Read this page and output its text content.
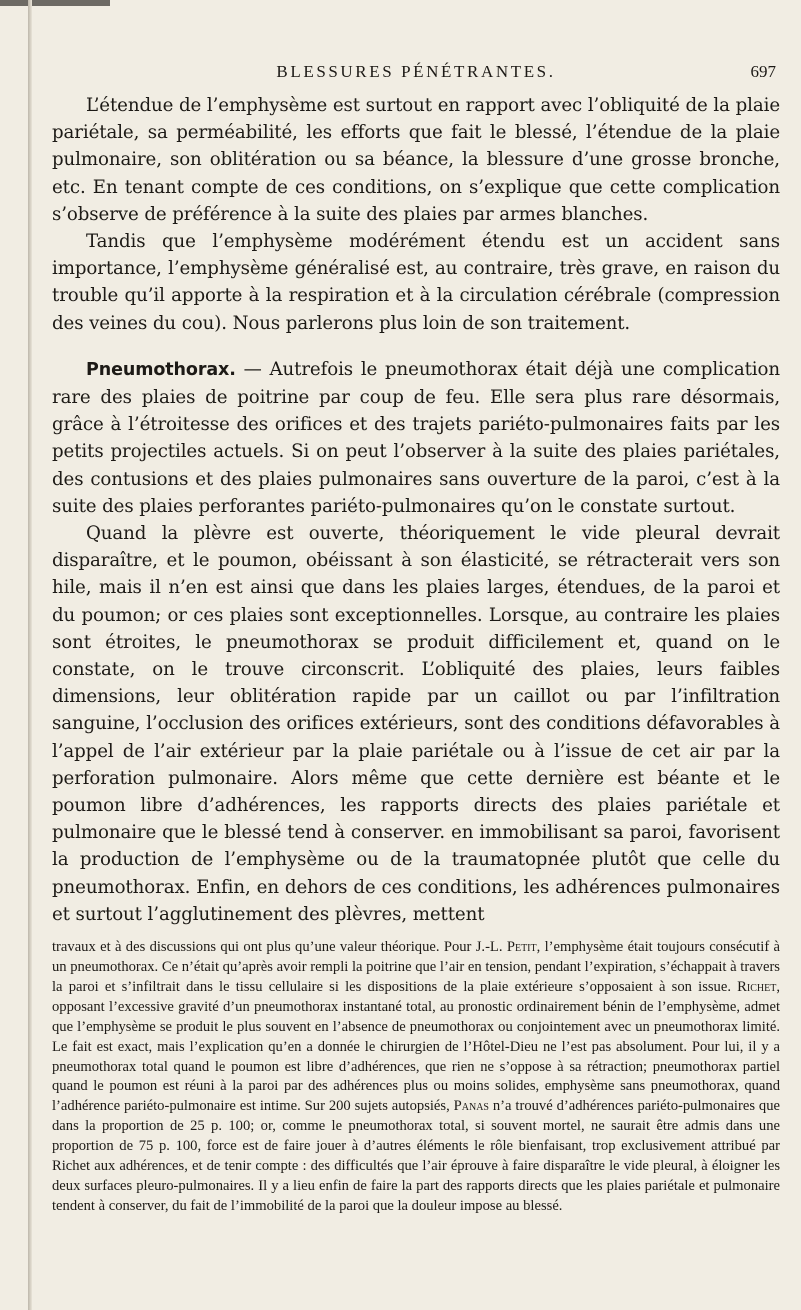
BLESSURES PÉNÉTRANTES.	697

L’étendue de l’emphysème est surtout en rapport avec l’obliquité de la plaie pariétale, sa perméabilité, les efforts que fait le blessé, l’étendue de la plaie pulmonaire, son oblitération ou sa béance, la blessure d’une grosse bronche, etc. En tenant compte de ces conditions, on s’explique que cette complication s’observe de préférence à la suite des plaies par armes blanches.

Tandis que l’emphysème modérément étendu est un accident sans importance, l’emphysème généralisé est, au contraire, très grave, en raison du trouble qu’il apporte à la respiration et à la circulation cérébrale (compression des veines du cou). Nous parlerons plus loin de son traitement.

Pneumothorax. — Autrefois le pneumothorax était déjà une complication rare des plaies de poitrine par coup de feu. Elle sera plus rare désormais, grâce à l’étroitesse des orifices et des trajets pariéto-pulmonaires faits par les petits projectiles actuels. Si on peut l’observer à la suite des plaies pariétales, des contusions et des plaies pulmonaires sans ouverture de la paroi, c’est à la suite des plaies perforantes pariéto-pulmonaires qu’on le constate surtout.

Quand la plèvre est ouverte, théoriquement le vide pleural devrait disparaître, et le poumon, obéissant à son élasticité, se rétracterait vers son hile, mais il n’en est ainsi que dans les plaies larges, étendues, de la paroi et du poumon; or ces plaies sont exceptionnelles. Lorsque, au contraire les plaies sont étroites, le pneumothorax se produit difficilement et, quand on le constate, on le trouve circonscrit. L’obliquité des plaies, leurs faibles dimensions, leur oblitération rapide par un caillot ou par l’infiltration sanguine, l’occlusion des orifices extérieurs, sont des conditions défavorables à l’appel de l’air extérieur par la plaie pariétale ou à l’issue de cet air par la perforation pulmonaire. Alors même que cette dernière est béante et le poumon libre d’adhérences, les rapports directs des plaies pariétale et pulmonaire que le blessé tend à conserver. en immobilisant sa paroi, favorisent la production de l’emphysème ou de la traumatopnée plutôt que celle du pneumothorax. Enfin, en dehors de ces conditions, les adhérences pulmonaires et surtout l’agglutinement des plèvres, mettent

travaux et à des discussions qui ont plus qu’une valeur théorique. Pour J.-L. Petit, l’emphysème était toujours consécutif à un pneumothorax. Ce n’était qu’après avoir rempli la poitrine que l’air en tension, pendant l’expiration, s’échappait à travers la paroi et s’infiltrait dans le tissu cellulaire si les dispositions de la plaie extérieure s’opposaient à son issue. Richet, opposant l’excessive gravité d’un pneumothorax instantané total, au pronostic ordinairement bénin de l’emphysème, admet que l’emphysème se produit le plus souvent en l’absence de pneumothorax ou conjointement avec un pneumothorax limité. Le fait est exact, mais l’explication qu’en a donnée le chirurgien de l’Hôtel-Dieu ne l’est pas absolument. Pour lui, il y a pneumothorax total quand le poumon est libre d’adhérences, que rien ne s’oppose à sa rétraction; pneumothorax partiel quand le poumon est réuni à la paroi par des adhérences plus ou moins solides, emphysème sans pneumothorax, quand l’adhérence pariéto-pulmonaire est intime. Sur 200 sujets autopsiés, Panas n’a trouvé d’adhérences pariéto-pulmonaires que dans la proportion de 25 p. 100; or, comme le pneumothorax total, si souvent mortel, ne saurait être admis dans une proportion de 75 p. 100, force est de faire jouer à d’autres éléments le rôle bienfaisant, trop exclusivement attribué par Richet aux adhérences, et de tenir compte : des difficultés que l’air éprouve à faire disparaître le vide pleural, à éloigner les deux surfaces pleuro-pulmonaires. Il y a lieu enfin de faire la part des rapports directs que les plaies pariétale et pulmonaire tendent à conserver, du fait de l’immobilité de la paroi que la douleur impose au blessé.
